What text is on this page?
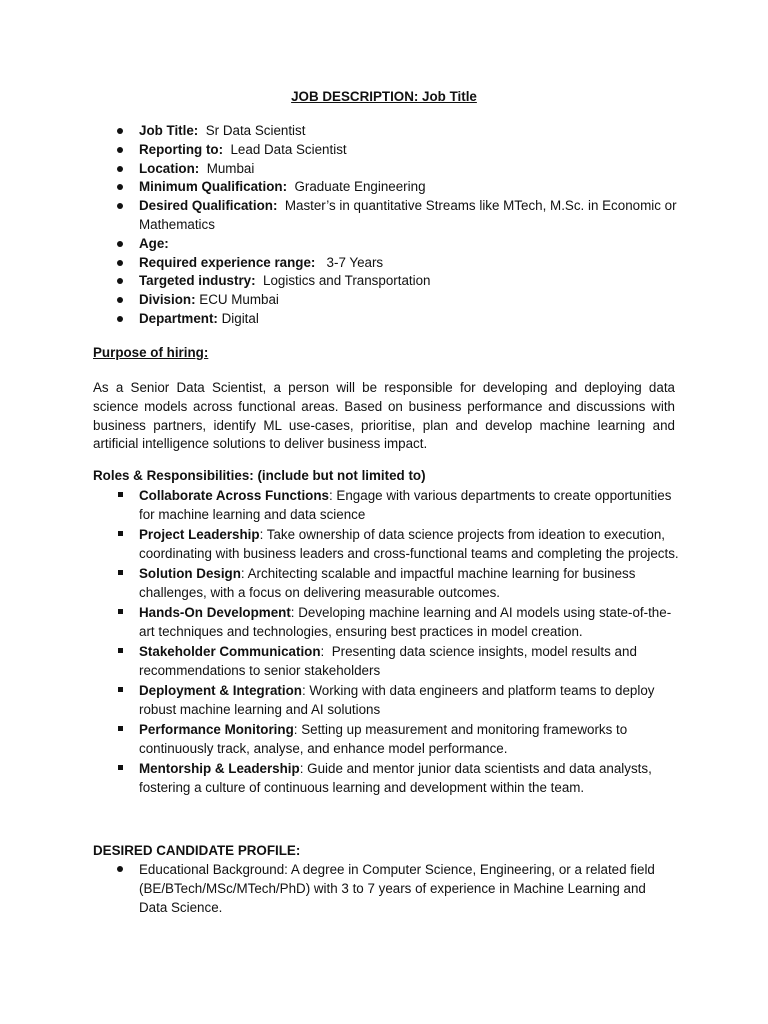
JOB DESCRIPTION: Job Title
Job Title:  Sr Data Scientist
Reporting to:  Lead Data Scientist
Location:  Mumbai
Minimum Qualification:  Graduate Engineering
Desired Qualification:  Master’s in quantitative Streams like MTech, M.Sc. in Economic or Mathematics
Age:
Required experience range:   3-7 Years
Targeted industry:  Logistics and Transportation
Division: ECU Mumbai
Department: Digital
Purpose of hiring:

As a Senior Data Scientist, a person will be responsible for developing and deploying data science models across functional areas. Based on business performance and discussions with business partners, identify ML use-cases, prioritise, plan and develop machine learning and artificial intelligence solutions to deliver business impact.

Roles & Responsibilities: (include but not limited to)
Collaborate Across Functions: Engage with various departments to create opportunities for machine learning and data science
Project Leadership: Take ownership of data science projects from ideation to execution, coordinating with business leaders and cross-functional teams and completing the projects.
Solution Design: Architecting scalable and impactful machine learning for business challenges, with a focus on delivering measurable outcomes.
Hands-On Development: Developing machine learning and AI models using state-of-the-art techniques and technologies, ensuring best practices in model creation.
Stakeholder Communication:  Presenting data science insights, model results and recommendations to senior stakeholders
Deployment & Integration: Working with data engineers and platform teams to deploy robust machine learning and AI solutions
Performance Monitoring: Setting up measurement and monitoring frameworks to continuously track, analyse, and enhance model performance.
Mentorship & Leadership: Guide and mentor junior data scientists and data analysts, fostering a culture of continuous learning and development within the team.
DESIRED CANDIDATE PROFILE:
Educational Background: A degree in Computer Science, Engineering, or a related field (BE/BTech/MSc/MTech/PhD) with 3 to 7 years of experience in Machine Learning and Data Science.
